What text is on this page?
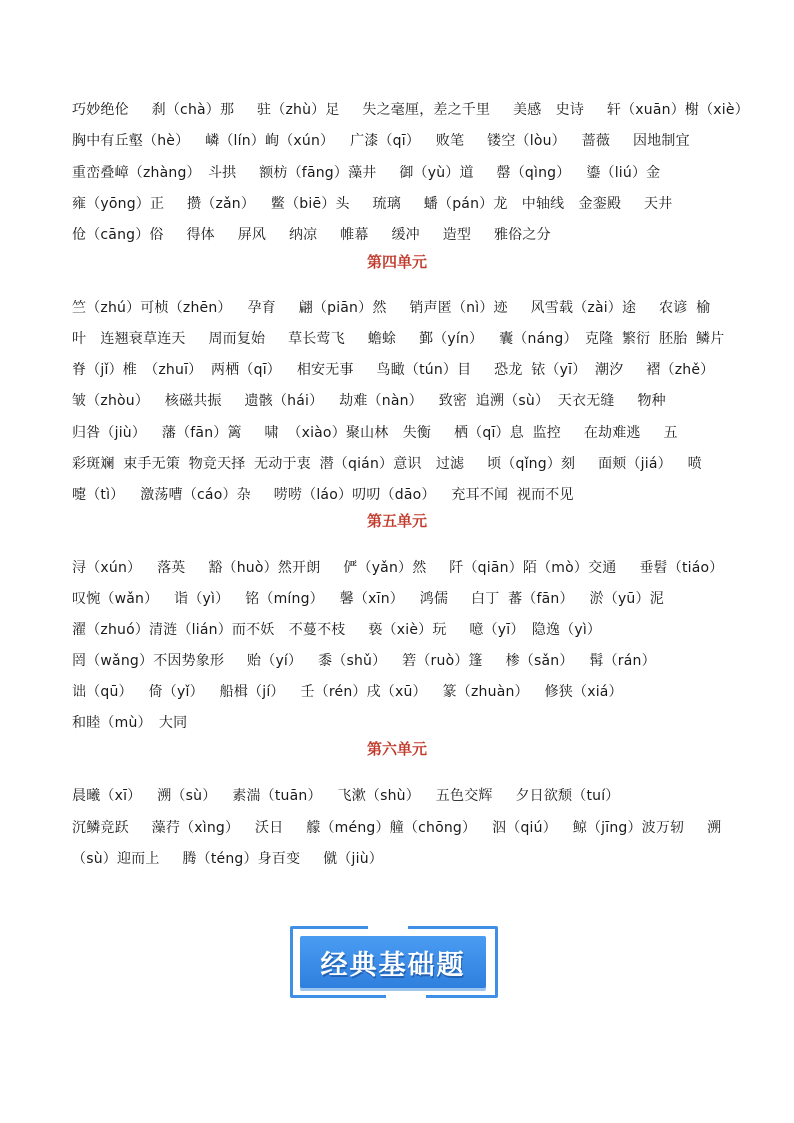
巧妙绝伦　 刹（chà）那　 驻（zhù）足　 失之毫厘，差之千里　 美感　史诗　 轩（xuān）榭（xiè）
胸中有丘壑（hè）　 嶙（lín）峋（xún）　 广漆（qī）　 败笔　 镂空（lòu）　 蔷薇　 因地制宜
重峦叠嶂（zhàng）　斗拱　 额枋（fāng）藻井　 御（yù）道　 罄（qìng）　 鎏（liú）金
雍（yōng）正　 攒（zǎn）　 鳖（biē）头　 琉璃　 蟠（pán）龙　中轴线　金銮殿　 天井
伧（cāng）俗　 得体　 屏风　 纳凉　 帷幕　 缓冲　 造型　 雅俗之分
第四单元
竺（zhú）可桢（zhēn）　 孕育　 翩（piān）然　 销声匿（nì）迹　 风雪载（zài）途　 农谚 榆
叶　连翘衰草连天　 周而复始　 草长莺飞　 蟾蜍　 鄞（yín）　 囊（náng）　克隆 繁衍 胚胎 鳞片
脊（jǐ）椎　（zhuī） 两栖（qī）　 相安无事　 鸟瞰（tún）目　 恐龙 铱（yī） 潮汐　 褶（zhě）
皱（zhòu）　 核磁共振　 遗骸（hái）　 劫难（nàn）　 致密 追溯（sù） 天衣无缝　 物种
归咎（jiù）　 藩（fān）篱　 啸 （xiào）聚山林　失衡　 栖（qī）息 监控　 在劫难逃　 五
彩斑斓 束手无策 物竞天择 无动于衷 潜（qián）意识　过滤　 顷（qǐng）刻　 面颊（jiá）　 喷
嚏（tì）　 激荡嘈（cáo）杂　 唠唠（láo）叨叨（dāo）　 充耳不闻 视而不见
第五单元
浔（xún）　 落英　 豁（huò）然开朗　 俨（yǎn）然　 阡（qiān）陌（mò）交通　 垂髫（tiáo）
叹惋（wǎn）　 诣（yì）　 铭（míng）　 馨（xīn）　 鸿儒　 白丁 蕃（fān）　 淤（yū）泥
濯（zhuó）清涟（lián）而不妖　不蔓不枝　 亵（xiè）玩　 噫（yī）　隐逸（yì）
罔（wǎng）不因势象形　 贻（yí）　 黍（shǔ）　 箬（ruò）篷　 椮（sǎn）　 髯（rán）
诎（qū）　 倚（yǐ）　 船楫（jí）　 壬（rén）戌（xū）　 篆（zhuàn）　 修狭（xiá）
和睦（mù）　大同
第六单元
晨曦（xī）　 溯（sù）　 素湍（tuān）　 飞漱（shù）　 五色交辉　 夕日欲颓（tuí）
沉鳞竞跃　 藻荇（xìng）　 沃日　 艨（méng）艟（chōng）　 泅（qiú）　 鲸（jīng）波万轫　 溯
（sù）迎而上　 腾（téng）身百变　 僦（jiù）
经典基础题
